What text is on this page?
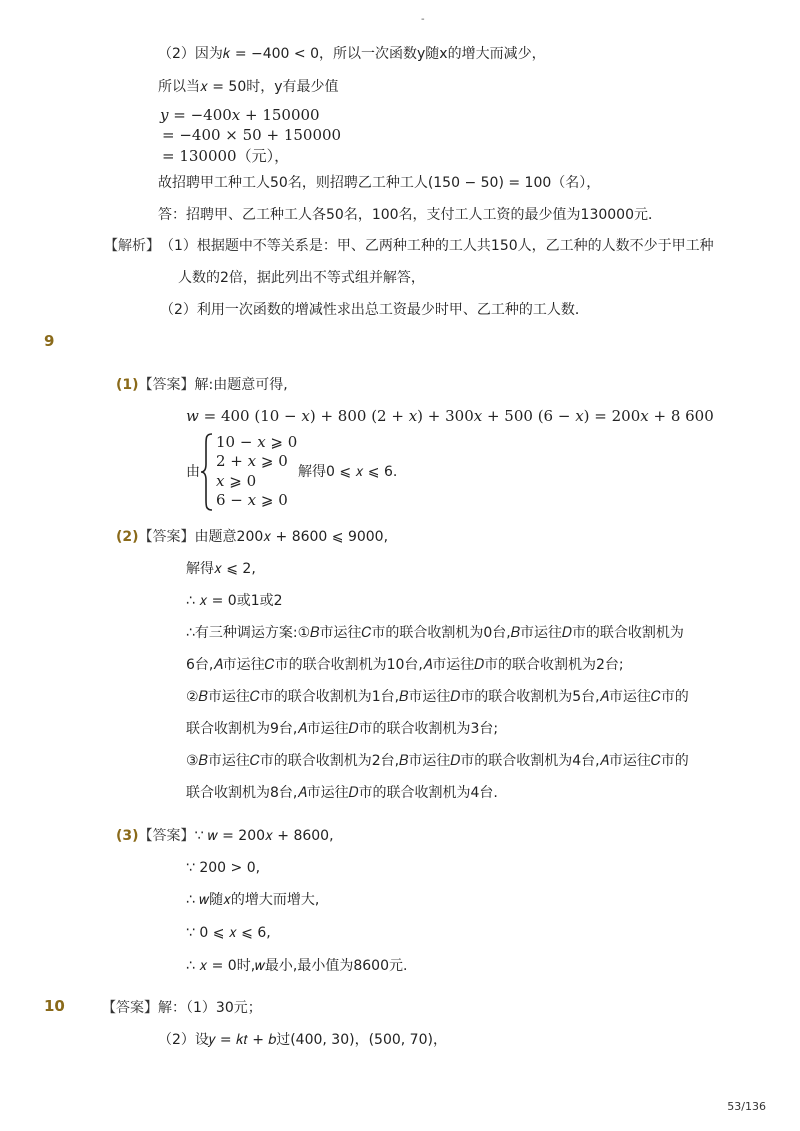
-
（2）因为𝑘 = −400 < 0，所以一次函数y随x的增大而减少，
所以当𝑥 = 50时，y有最少值
𝑦 = −400𝑥 + 150000
= −400 × 50 + 150000
= 130000（元），
故招聘甲工种工人50名，则招聘乙工种工人(150 − 50) = 100（名），
答：招聘甲、乙工种工人各50名，100名，支付工人工资的最少值为130000元．
【解析】 （1）根据题中不等关系是：甲、乙两种工种的工人共150人，乙工种的人数不少于甲工种
人数的2倍，据此列出不等式组并解答，
（2）利用一次函数的增减性求出总工资最少时甲、乙工种的工人数．
9
(1)【答案】解:由题意可得,
𝑤 = 400 (10 − 𝑥) + 800 (2 + 𝑥) + 300𝑥 + 500 (6 − 𝑥) = 200𝑥 + 8 600
由
10 − 𝑥 ⩾ 0
2 + 𝑥 ⩾ 0
𝑥 ⩾ 0
6 − 𝑥 ⩾ 0
解得0 ⩽ 𝑥 ⩽ 6.
(2)【答案】由题意200𝑥 + 8600 ⩽ 9000,
解得𝑥 ⩽ 2,
∴ 𝑥 = 0或1或2
∴有三种调运方案:①𝐵市运往𝐶市的联合收割机为0台,𝐵市运往𝐷市的联合收割机为
6台,𝐴市运往𝐶市的联合收割机为10台,𝐴市运往𝐷市的联合收割机为2台;
②𝐵市运往𝐶市的联合收割机为1台,𝐵市运往𝐷市的联合收割机为5台,𝐴市运往𝐶市的
联合收割机为9台,𝐴市运往𝐷市的联合收割机为3台;
③𝐵市运往𝐶市的联合收割机为2台,𝐵市运往𝐷市的联合收割机为4台,𝐴市运往𝐶市的
联合收割机为8台,𝐴市运往𝐷市的联合收割机为4台.
(3)【答案】∵ 𝑤 = 200𝑥 + 8600,
∵ 200 > 0,
∴ 𝑤随𝑥的增大而增大,
∵ 0 ⩽ 𝑥 ⩽ 6,
∴ 𝑥 = 0时,𝑤最小,最小值为8600元.
10	【答案】解：（1）30元；
（2）设𝑦 = 𝑘𝑡 + 𝑏过(400, 30)，(500, 70)，
53/136
